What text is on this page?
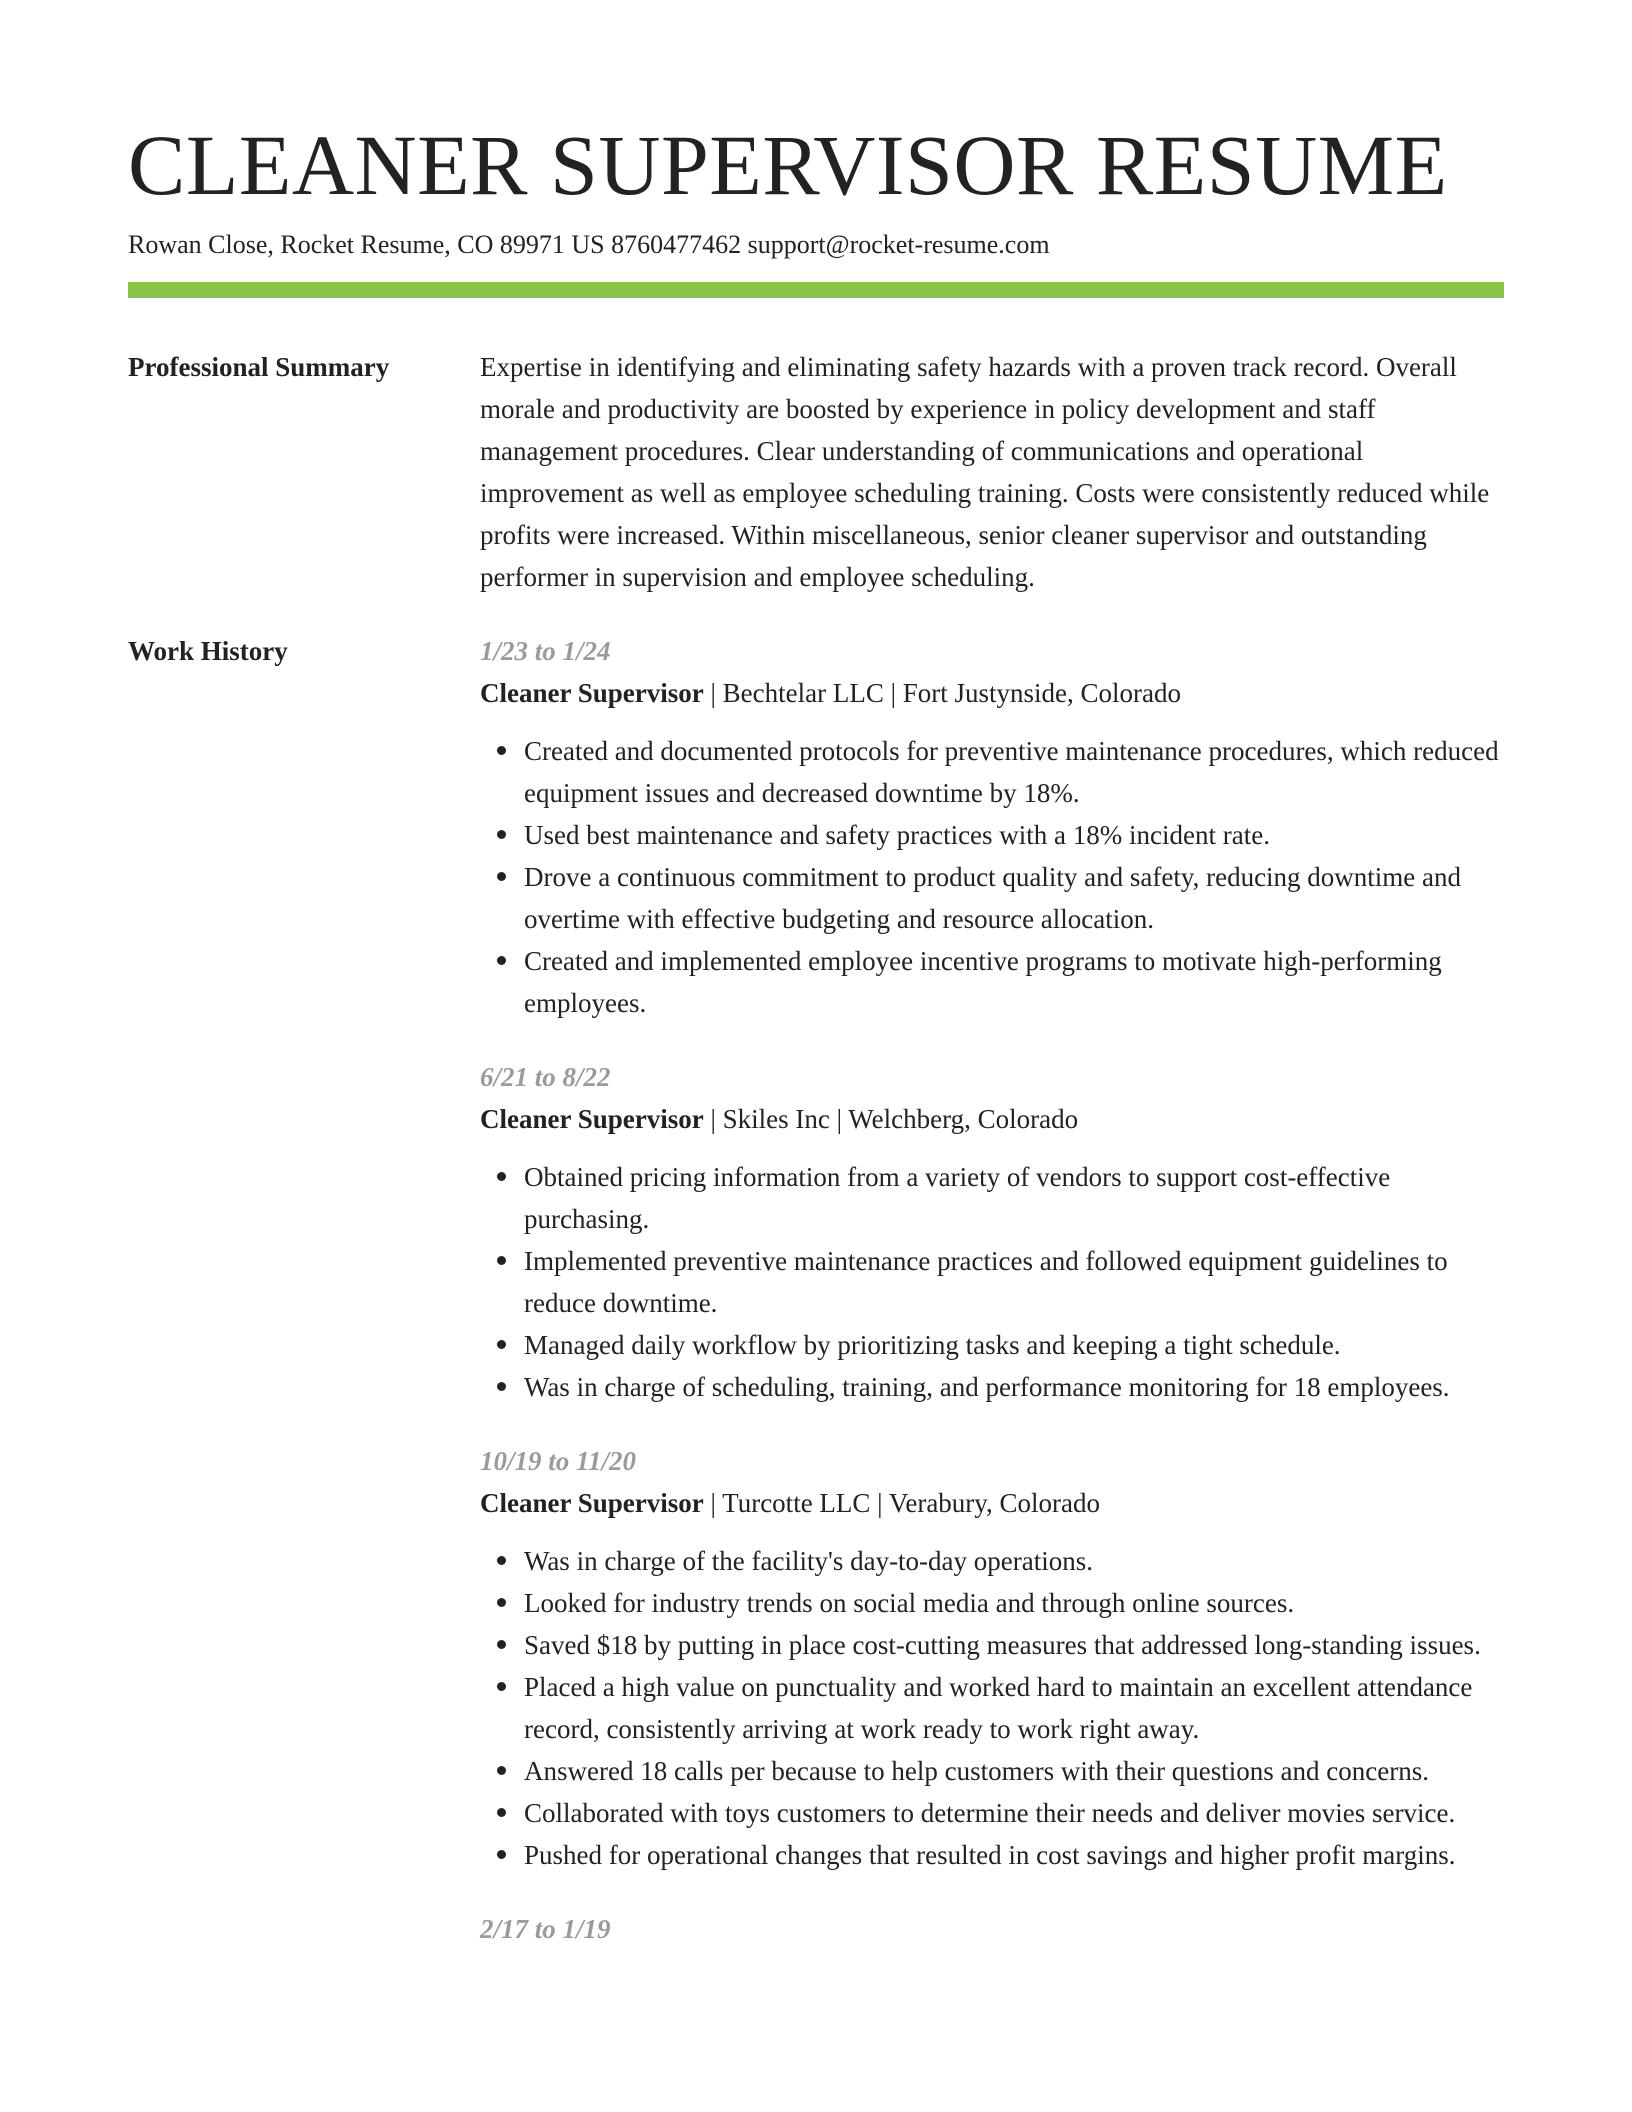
CLEANER SUPERVISOR RESUME
Rowan Close, Rocket Resume, CO 89971 US 8760477462 support@rocket-resume.com
Professional Summary	Expertise in identifying and eliminating safety hazards with a proven track record. Overall morale and productivity are boosted by experience in policy development and staff management procedures. Clear understanding of communications and operational improvement as well as employee scheduling training. Costs were consistently reduced while profits were increased. Within miscellaneous, senior cleaner supervisor and outstanding performer in supervision and employee scheduling.

Work History	1/23 to 1/24
Cleaner Supervisor | Bechtelar LLC | Fort Justynside, Colorado
Created and documented protocols for preventive maintenance procedures, which reduced equipment issues and decreased downtime by 18%.
Used best maintenance and safety practices with a 18% incident rate.
Drove a continuous commitment to product quality and safety, reducing downtime and overtime with effective budgeting and resource allocation.
Created and implemented employee incentive programs to motivate high-performing employees.
6/21 to 8/22
Cleaner Supervisor | Skiles Inc | Welchberg, Colorado
Obtained pricing information from a variety of vendors to support cost-effective purchasing.
Implemented preventive maintenance practices and followed equipment guidelines to reduce downtime.
Managed daily workflow by prioritizing tasks and keeping a tight schedule.
Was in charge of scheduling, training, and performance monitoring for 18 employees.
10/19 to 11/20
Cleaner Supervisor | Turcotte LLC | Verabury, Colorado
Was in charge of the facility's day-to-day operations.
Looked for industry trends on social media and through online sources.
Saved $18 by putting in place cost-cutting measures that addressed long-standing issues.
Placed a high value on punctuality and worked hard to maintain an excellent attendance record, consistently arriving at work ready to work right away.
Answered 18 calls per because to help customers with their questions and concerns.
Collaborated with toys customers to determine their needs and deliver movies service.
Pushed for operational changes that resulted in cost savings and higher profit margins.
2/17 to 1/19
